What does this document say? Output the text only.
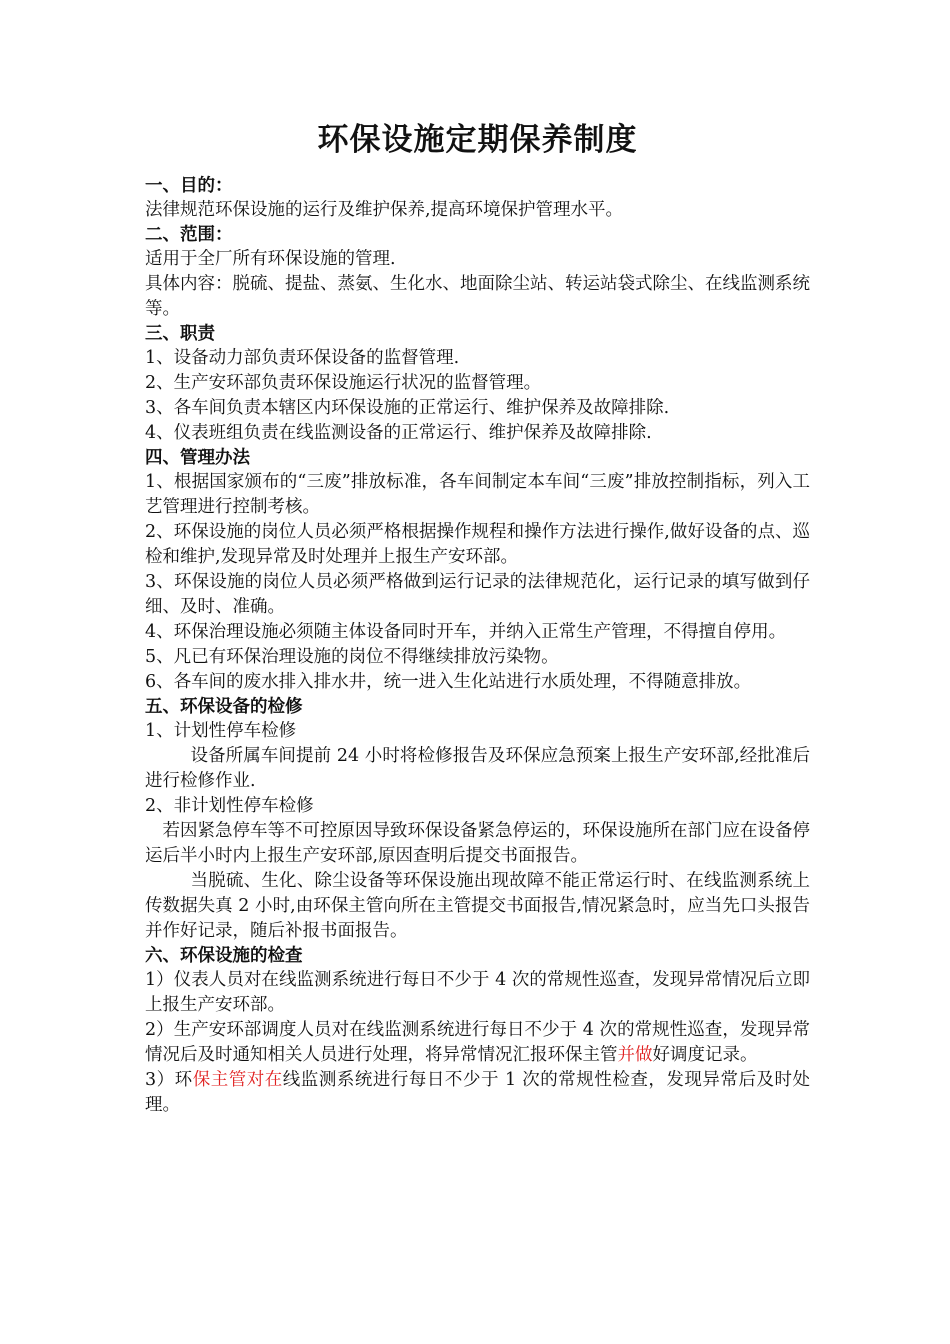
环保设施定期保养制度
一、目的：

法律规范环保设施的运行及维护保养,提高环境保护管理水平。

二、范围：

适用于全厂所有环保设施的管理.

具体内容：脱硫、提盐、蒸氨、生化水、地面除尘站、转运站袋式除尘、在线监测系统等。

三、职责

1、设备动力部负责环保设备的监督管理.

2、生产安环部负责环保设施运行状况的监督管理。

3、各车间负责本辖区内环保设施的正常运行、维护保养及故障排除.

4、仪表班组负责在线监测设备的正常运行、维护保养及故障排除.

四、管理办法

1、根据国家颁布的“三废”排放标准，各车间制定本车间“三废”排放控制指标，列入工艺管理进行控制考核。

2、环保设施的岗位人员必须严格根据操作规程和操作方法进行操作,做好设备的点、巡检和维护,发现异常及时处理并上报生产安环部。

3、环保设施的岗位人员必须严格做到运行记录的法律规范化，运行记录的填写做到仔细、及时、准确。

4、环保治理设施必须随主体设备同时开车，并纳入正常生产管理，不得擅自停用。

5、凡已有环保治理设施的岗位不得继续排放污染物。

6、各车间的废水排入排水井，统一进入生化站进行水质处理，不得随意排放。

五、环保设备的检修

1、计划性停车检修

设备所属车间提前 24 小时将检修报告及环保应急预案上报生产安环部,经批准后进行检修作业.

2、非计划性停车检修

若因紧急停车等不可控原因导致环保设备紧急停运的，环保设施所在部门应在设备停运后半小时内上报生产安环部,原因查明后提交书面报告。

当脱硫、生化、除尘设备等环保设施出现故障不能正常运行时、在线监测系统上传数据失真 2 小时,由环保主管向所在主管提交书面报告,情况紧急时，应当先口头报告并作好记录，随后补报书面报告。

六、环保设施的检查

1）仪表人员对在线监测系统进行每日不少于 4 次的常规性巡查，发现异常情况后立即上报生产安环部。

2）生产安环部调度人员对在线监测系统进行每日不少于 4 次的常规性巡查，发现异常情况后及时通知相关人员进行处理，将异常情况汇报环保主管并做好调度记录。

3）环保主管对在线监测系统进行每日不少于 1 次的常规性检查，发现异常后及时处理。
